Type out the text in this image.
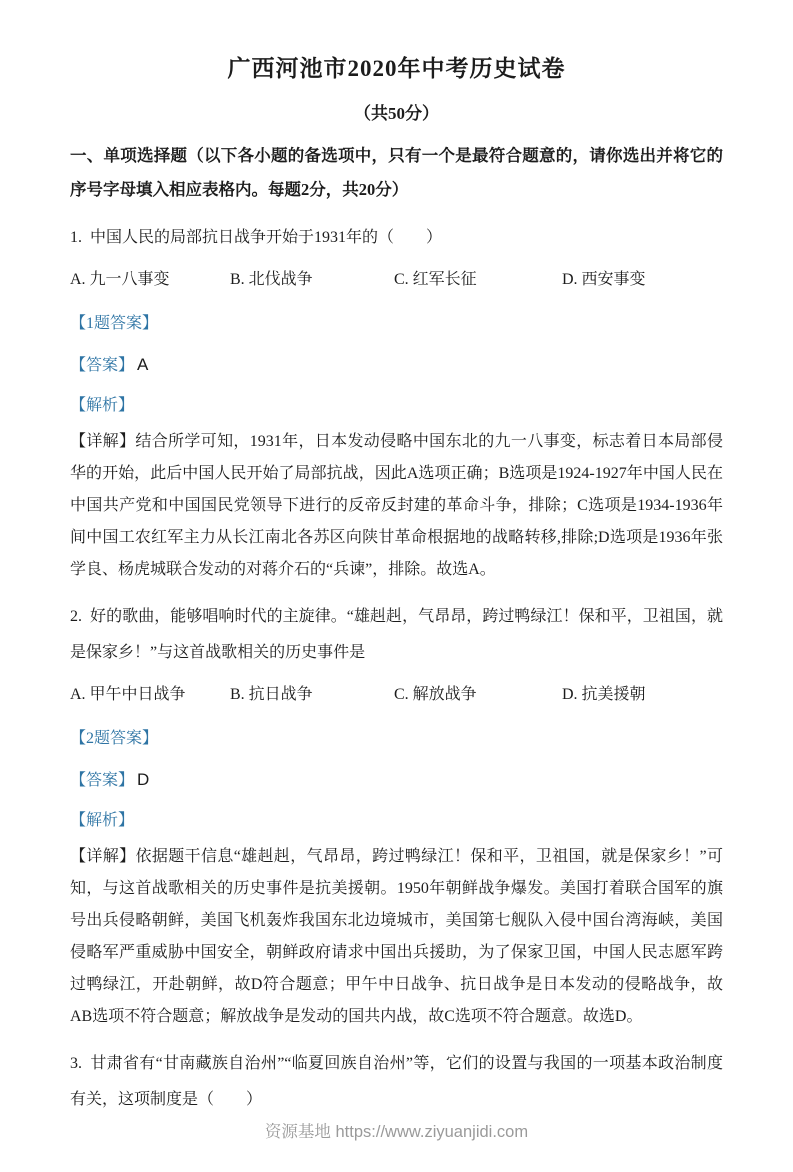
广西河池市2020年中考历史试卷

（共50分）

一、单项选择题（以下各小题的备选项中，只有一个是最符合题意的，请你选出并将它的序号字母填入相应表格内。每题2分，共20分）

1. 中国人民的局部抗日战争开始于1931年的（　　）

A. 九一八事变	B. 北伐战争	C. 红军长征	D. 西安事变

【1题答案】

【答案】 A

【解析】

【详解】结合所学可知，1931年，日本发动侵略中国东北的九一八事变，标志着日本局部侵华的开始，此后中国人民开始了局部抗战，因此A选项正确；B选项是1924-1927年中国人民在中国共产党和中国国民党领导下进行的反帝反封建的革命斗争，排除；C选项是1934-1936年间中国工农红军主力从长江南北各苏区向陕甘革命根据地的战略转移,排除;D选项是1936年张学良、杨虎城联合发动的对蒋介石的“兵谏”，排除。故选A。

2. 好的歌曲，能够唱响时代的主旋律。“雄赳赳，气昂昂，跨过鸭绿江！保和平，卫祖国，就是保家乡！”与这首战歌相关的历史事件是

A. 甲午中日战争	B. 抗日战争	C. 解放战争	D. 抗美援朝

【2题答案】

【答案】 D

【解析】

【详解】依据题干信息“雄赳赳，气昂昂，跨过鸭绿江！保和平，卫祖国，就是保家乡！”可知，与这首战歌相关的历史事件是抗美援朝。1950年朝鲜战争爆发。美国打着联合国军的旗号出兵侵略朝鲜，美国飞机轰炸我国东北边境城市，美国第七舰队入侵中国台湾海峡，美国侵略军严重威胁中国安全，朝鲜政府请求中国出兵援助，为了保家卫国，中国人民志愿军跨过鸭绿江，开赴朝鲜，故D符合题意；甲午中日战争、抗日战争是日本发动的侵略战争，故AB选项不符合题意；解放战争是发动的国共内战，故C选项不符合题意。故选D。

3. 甘肃省有“甘南藏族自治州”“临夏回族自治州”等，它们的设置与我国的一项基本政治制度有关，这项制度是（　　）

资源基地 https://www.ziyuanjidi.com
